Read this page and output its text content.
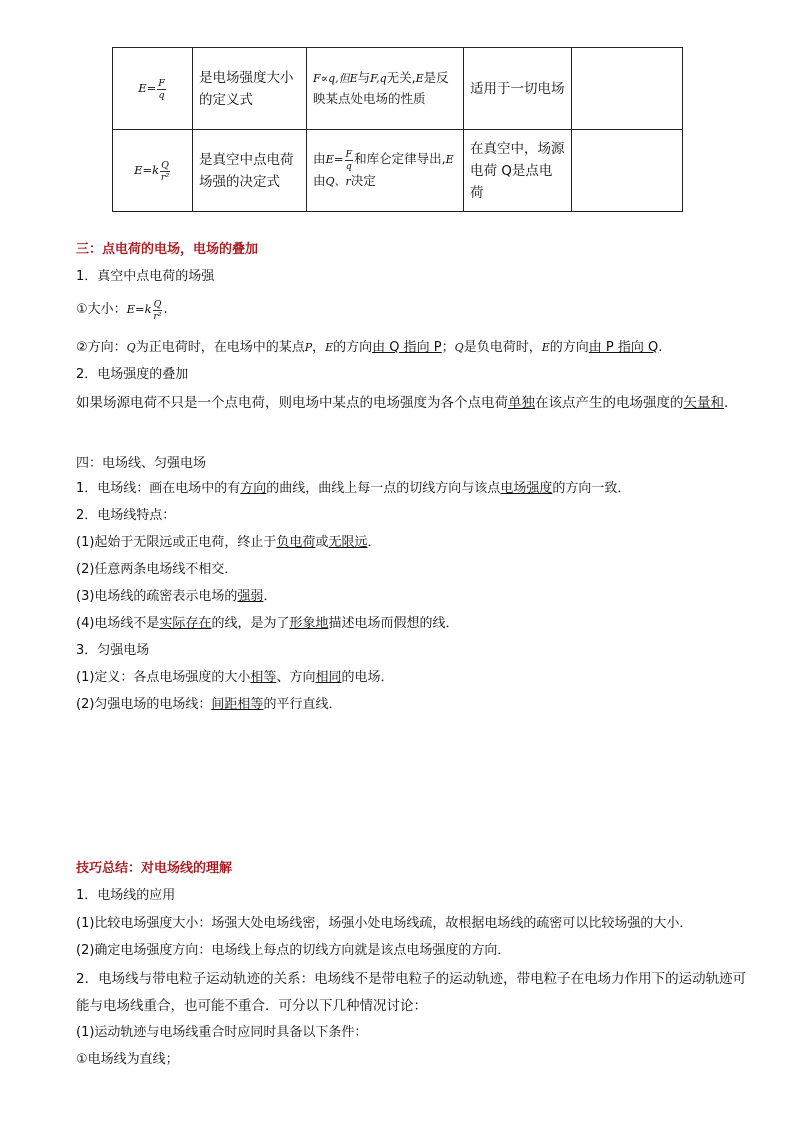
$E= \frac{F}{q}$	是电场强度大小的定义式	F∝q,但E与F,q无关,E是反映某点处电场的性质	适用于一切电场	
$E=k \frac{Q}{\text{r²}}$	是真空中点电荷场强的决定式	由$E= \frac{F}{q}$ 和库仑定律导出,E由Q、r决定	在真空中，场源电荷 Q是点电荷	
三：点电荷的电场，电场的叠加
1．真空中点电荷的场强
①大小：$E=k \frac{Q}{\text{r²}}$ .
②方向：Q为正电荷时，在电场中的某点P，E的方向由 Q 指向 P；Q是负电荷时，E的方向由 P 指向 Q.
2．电场强度的叠加
如果场源电荷不只是一个点电荷，则电场中某点的电场强度为各个点电荷单独在该点产生的电场强度的矢量和.
四：电场线、匀强电场
1．电场线：画在电场中的有方向的曲线，曲线上每一点的切线方向与该点电场强度的方向一致．
2．电场线特点：
(1)起始于无限远或正电荷，终止于负电荷或无限远．
(2)任意两条电场线不相交．
(3)电场线的疏密表示电场的强弱．
(4)电场线不是实际存在的线，是为了形象地描述电场而假想的线．
3．匀强电场
(1)定义：各点电场强度的大小相等、方向相同的电场．
(2)匀强电场的电场线：间距相等的平行直线．
技巧总结：对电场线的理解
1．电场线的应用
(1)比较电场强度大小：场强大处电场线密，场强小处电场线疏，故根据电场线的疏密可以比较场强的大小．
(2)确定电场强度方向：电场线上每点的切线方向就是该点电场强度的方向．
2．电场线与带电粒子运动轨迹的关系：电场线不是带电粒子的运动轨迹，带电粒子在电场力作用下的运动轨迹可能与电场线重合，也可能不重合．可分以下几种情况讨论：
(1)运动轨迹与电场线重合时应同时具备以下条件：
①电场线为直线；
